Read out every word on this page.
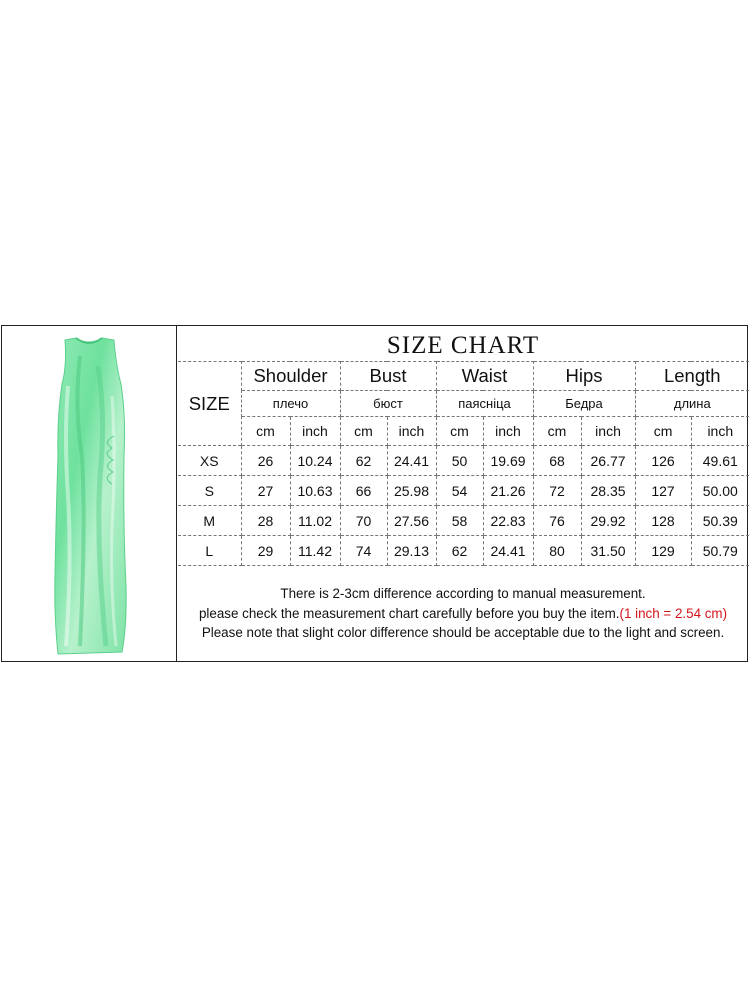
SIZE CHART
SIZE	Shoulder		Bust		Waist		Hips		Length	
	плечо		бюст		паясніца		Бедра		длина	
	cm	inch	cm	inch	cm	inch	cm	inch	cm	inch
XS	26	10.24	62	24.41	50	19.69	68	26.77	126	49.61
S	27	10.63	66	25.98	54	21.26	72	28.35	127	50.00
M	28	11.02	70	27.56	58	22.83	76	29.92	128	50.39
L	29	11.42	74	29.13	62	24.41	80	31.50	129	50.79
There is 2-3cm difference according to manual measurement.
please check the measurement chart carefully before you buy the item.(1 inch = 2.54 cm)
Please note that slight color difference should be acceptable due to the light and screen.
